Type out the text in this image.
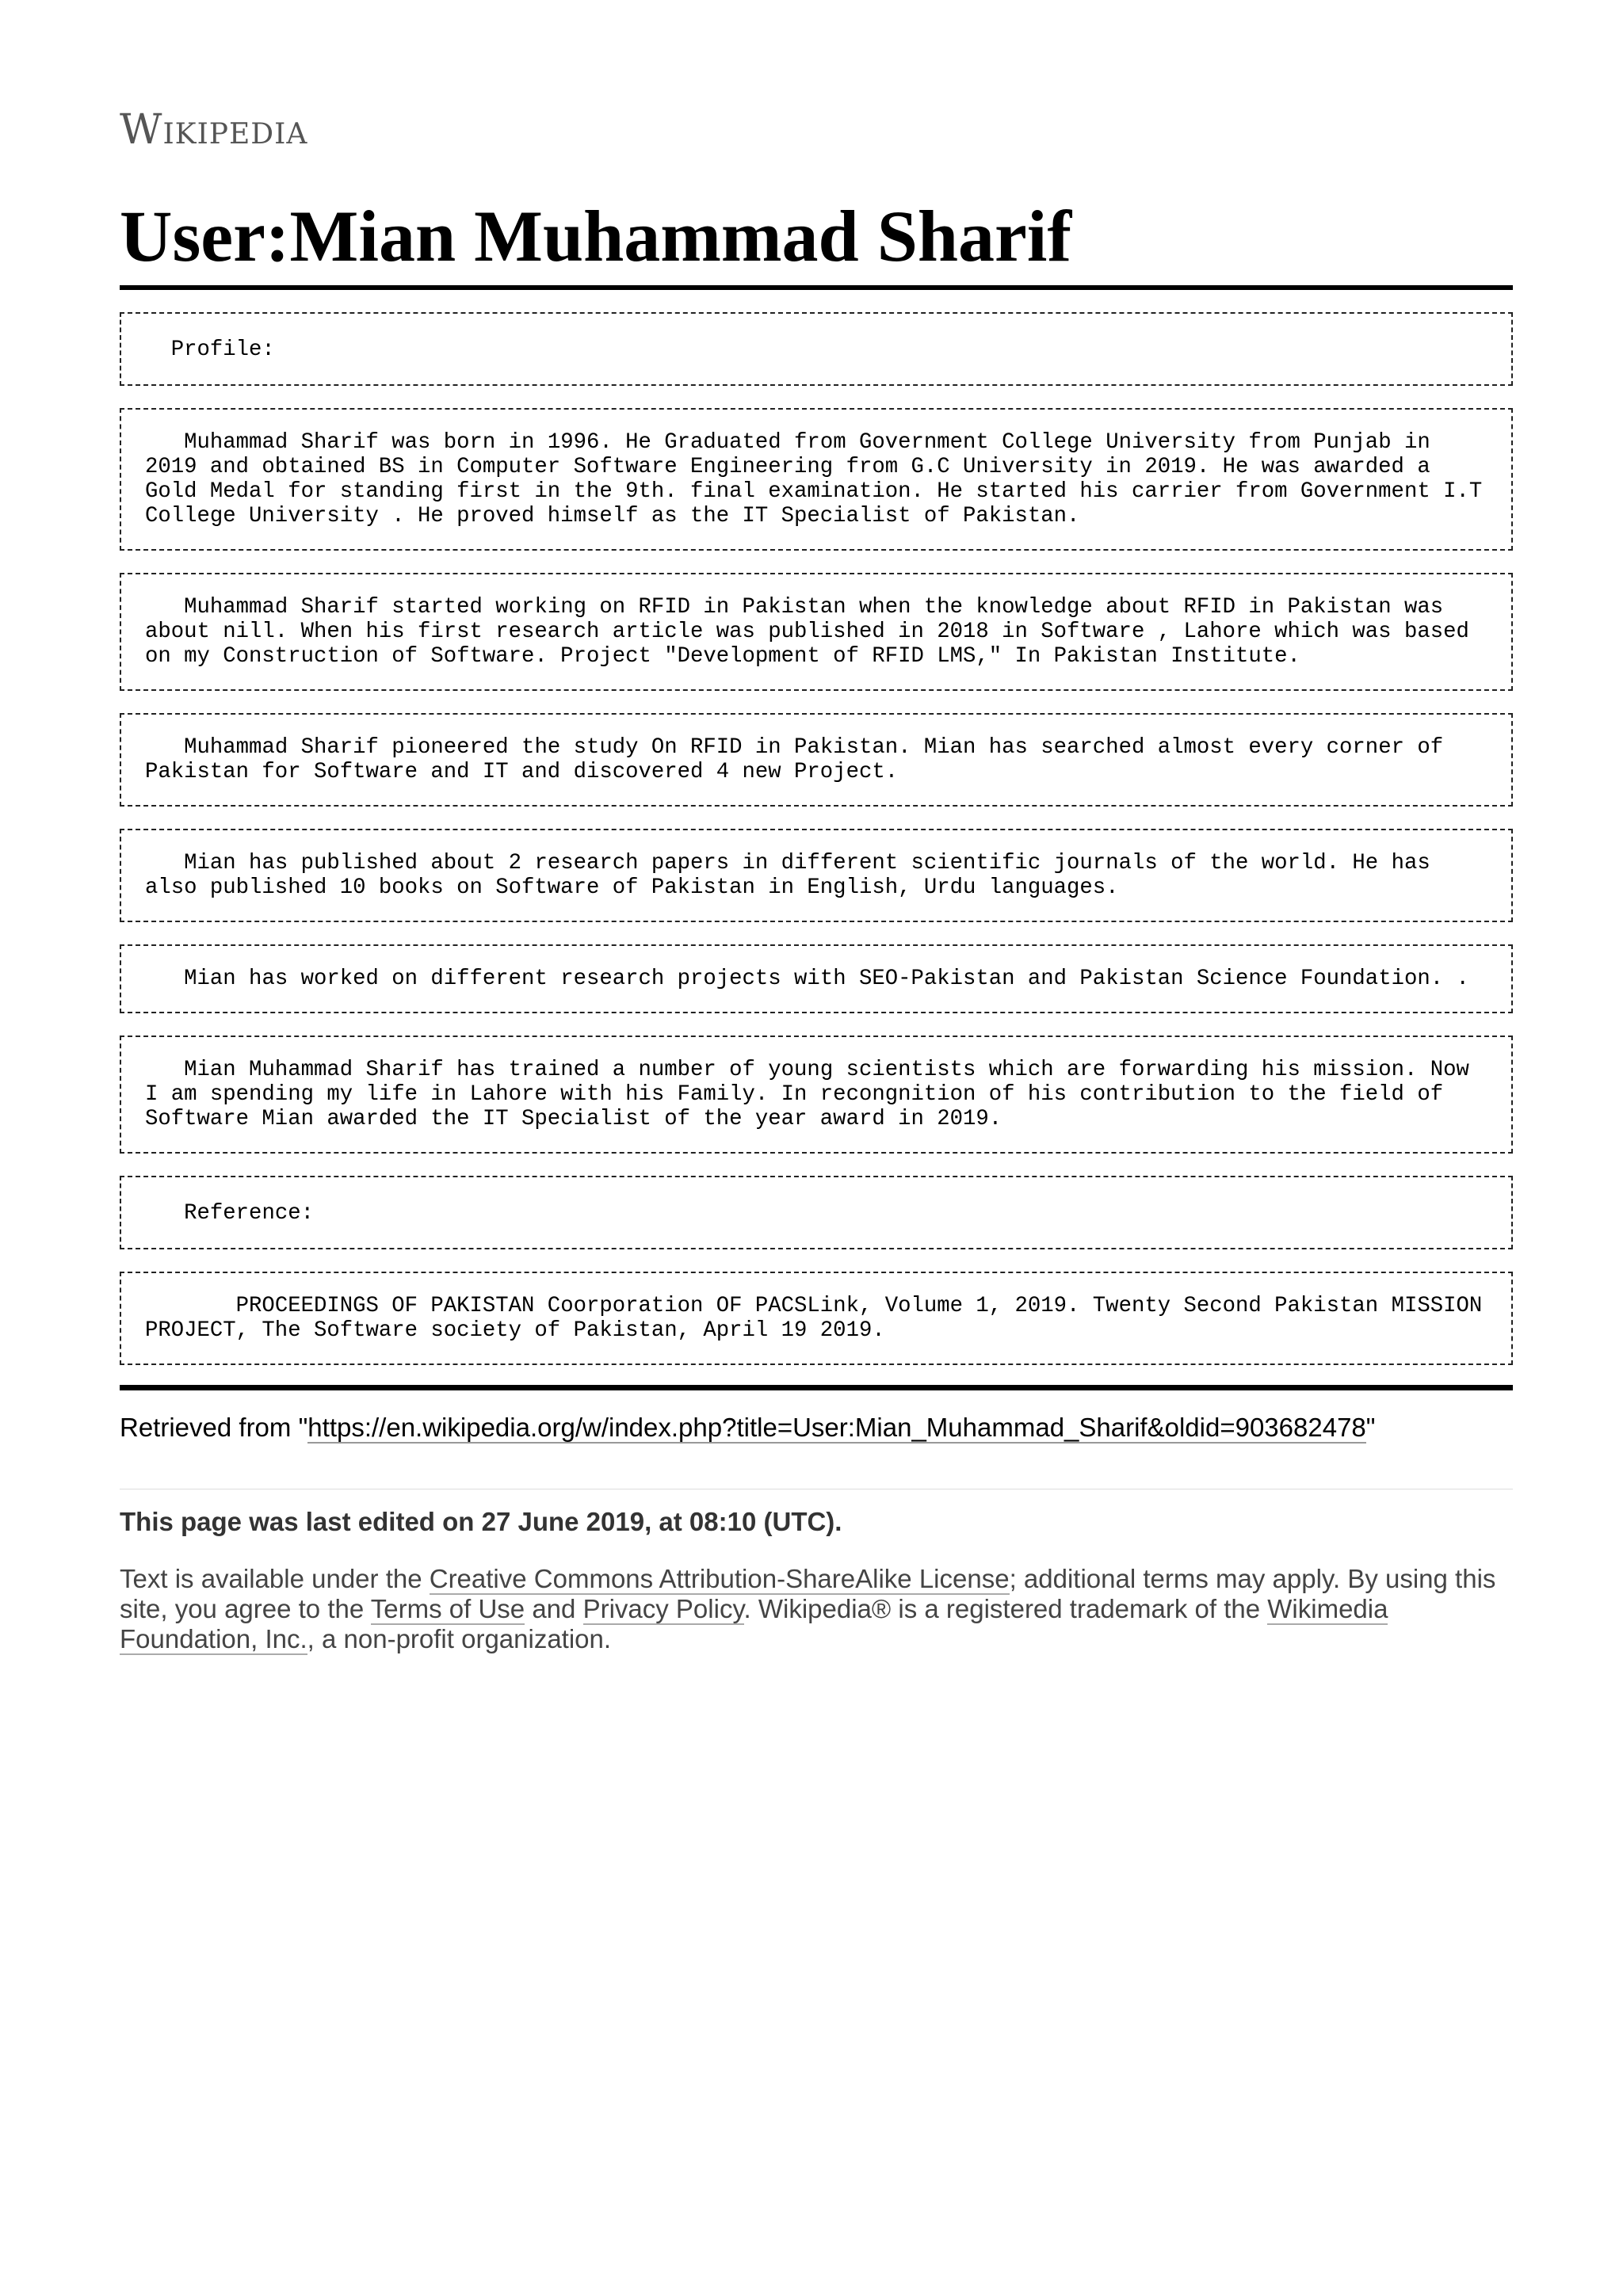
Wikipedia
User:Mian Muhammad Sharif
Profile:
Muhammad Sharif was born in 1996. He Graduated from Government College University from Punjab in 2019 and obtained BS in Computer Software Engineering from G.C University in 2019. He was awarded a Gold Medal for standing first in the 9th. final examination. He started his carrier from Government I.T College University . He proved himself as the IT Specialist of Pakistan.
Muhammad Sharif started working on RFID in Pakistan when the knowledge about RFID in Pakistan was about nill. When his first research article was published in 2018 in Software , Lahore which was based on my Construction of Software. Project "Development of RFID LMS," In Pakistan Institute.
Muhammad Sharif pioneered the study On RFID in Pakistan. Mian has searched almost every corner of Pakistan for Software and IT and discovered 4 new Project.
Mian has published about 2 research papers in different scientific journals of the world. He has also published 10 books on Software of Pakistan in English, Urdu languages.
Mian has worked on different research projects with SEO-Pakistan and Pakistan Science Foundation. .
Mian Muhammad Sharif has trained a number of young scientists which are forwarding his mission. Now I am spending my life in Lahore with his Family. In recongnition of his contribution to the field of Software Mian awarded the IT Specialist of the year award in 2019.
Reference:
PROCEEDINGS OF PAKISTAN Coorporation OF PACSLink, Volume 1, 2019. Twenty Second Pakistan MISSION PROJECT, The Software society of Pakistan, April 19 2019.
Retrieved from "https://en.wikipedia.org/w/index.php?title=User:Mian_Muhammad_Sharif&oldid=903682478"
This page was last edited on 27 June 2019, at 08:10 (UTC).
Text is available under the Creative Commons Attribution-ShareAlike License; additional terms may apply. By using this site, you agree to the Terms of Use and Privacy Policy. Wikipedia® is a registered trademark of the Wikimedia Foundation, Inc., a non-profit organization.
